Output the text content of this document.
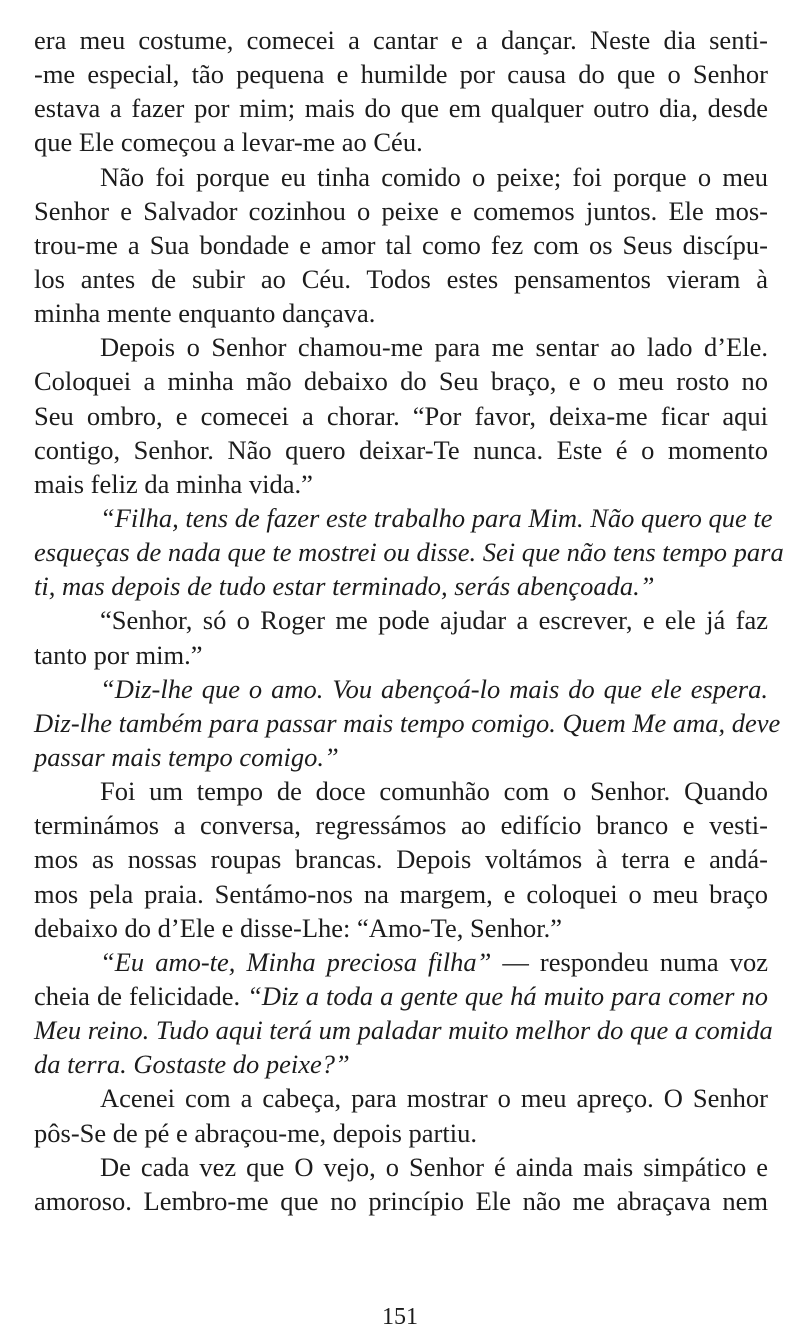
era meu costume, comecei a cantar e a dançar. Neste dia senti-
-me especial, tão pequena e humilde por causa do que o Senhor
estava a fazer por mim; mais do que em qualquer outro dia, desde
que Ele começou a levar-me ao Céu.
Não foi porque eu tinha comido o peixe; foi porque o meu
Senhor e Salvador cozinhou o peixe e comemos juntos. Ele mos-
trou-me a Sua bondade e amor tal como fez com os Seus discípu-
los antes de subir ao Céu. Todos estes pensamentos vieram à
minha mente enquanto dançava.
Depois o Senhor chamou-me para me sentar ao lado d’Ele.
Coloquei a minha mão debaixo do Seu braço, e o meu rosto no
Seu ombro, e comecei a chorar. “Por favor, deixa-me ficar aqui
contigo, Senhor. Não quero deixar-Te nunca. Este é o momento
mais feliz da minha vida.”
“Filha, tens de fazer este trabalho para Mim. Não quero que te
esqueças de nada que te mostrei ou disse. Sei que não tens tempo para
ti, mas depois de tudo estar terminado, serás abençoada.”
“Senhor, só o Roger me pode ajudar a escrever, e ele já faz
tanto por mim.”
“Diz-lhe que o amo. Vou abençoá-lo mais do que ele espera.
Diz-lhe também para passar mais tempo comigo. Quem Me ama, deve
passar mais tempo comigo.”
Foi um tempo de doce comunhão com o Senhor. Quando
terminámos a conversa, regressámos ao edifício branco e vesti-
mos as nossas roupas brancas. Depois voltámos à terra e andá-
mos pela praia. Sentámo-nos na margem, e coloquei o meu braço
debaixo do d’Ele e disse-Lhe: “Amo-Te, Senhor.”
“Eu amo-te, Minha preciosa filha” — respondeu numa voz
cheia de felicidade. “Diz a toda a gente que há muito para comer no
Meu reino. Tudo aqui terá um paladar muito melhor do que a comida
da terra. Gostaste do peixe?”
Acenei com a cabeça, para mostrar o meu apreço. O Senhor
pôs-Se de pé e abraçou-me, depois partiu.
De cada vez que O vejo, o Senhor é ainda mais simpático e
amoroso. Lembro-me que no princípio Ele não me abraçava nem
151
